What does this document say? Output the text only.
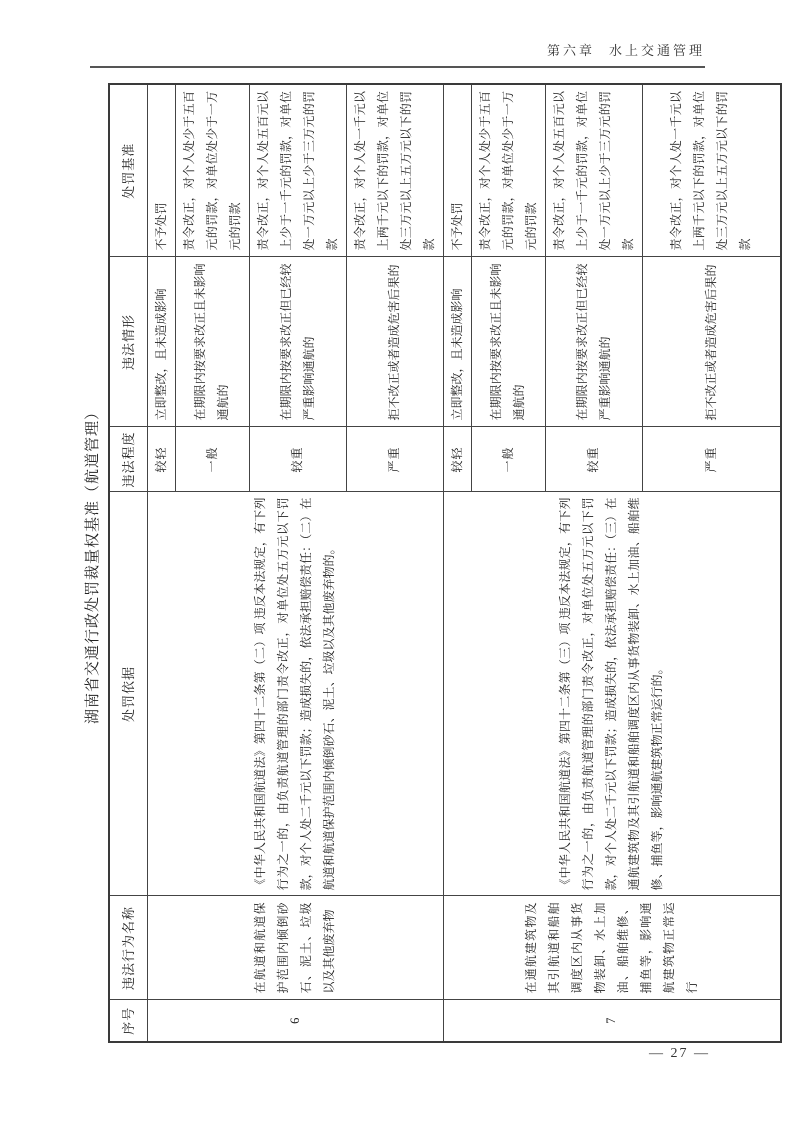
第六章 水上交通管理
湖南省交通行政处罚裁量权基准（航道管理）
序号	违法行为名称	处罚依据	违法程度	违法情形	处罚基准
6	在航道和航道保护范围内倾倒砂石、泥土、垃圾以及其他废弃物	《中华人民共和国航道法》第四十二条第（二）项 违反本法规定，有下列行为之一的，由负责航道管理的部门责令改正，对单位处五万元以下罚款，对个人处二千元以下罚款；造成损失的，依法承担赔偿责任：（二）在航道和航道保护范围内倾倒砂石、泥土、垃圾以及其他废弃物的。	较轻	立即整改，且未造成影响	不予处罚
			一般	在期限内按要求改正且未影响通航的	责令改正，对个人处少于五百元的罚款，对单位处少于一万元的罚款
			较重	在期限内按要求改正但已经较严重影响通航的	责令改正，对个人处五百元以上少于一千元的罚款，对单位处一万元以上少于三万元的罚款
			严重	拒不改正或者造成危害后果的	责令改正，对个人处一千元以上两千元以下的罚款，对单位处三万元以上五万元以下的罚款
7	在通航建筑物及其引航道和船舶调度区内从事货物装卸、水上加油、船舶维修、捕鱼等，影响通航建筑物正常运行	《中华人民共和国航道法》第四十二条第（三）项 违反本法规定，有下列行为之一的，由负责航道管理的部门责令改正，对单位处五万元以下罚款，对个人处二千元以下罚款；造成损失的，依法承担赔偿责任：（三）在通航建筑物及其引航道和船舶调度区内从事货物装卸、水上加油、船舶维修、捕鱼等，影响通航建筑物正常运行的。	较轻	立即整改，且未造成影响	不予处罚
			一般	在期限内按要求改正且未影响通航的	责令改正，对个人处少于五百元的罚款，对单位处少于一万元的罚款
			较重	在期限内按要求改正但已经较严重影响通航的	责令改正，对个人处五百元以上少于一千元的罚款，对单位处一万元以上少于三万元的罚款
			严重	拒不改正或者造成危害后果的	责令改正，对个人处一千元以上两千元以下的罚款，对单位处三万元以上五万元以下的罚款
— 27 —
